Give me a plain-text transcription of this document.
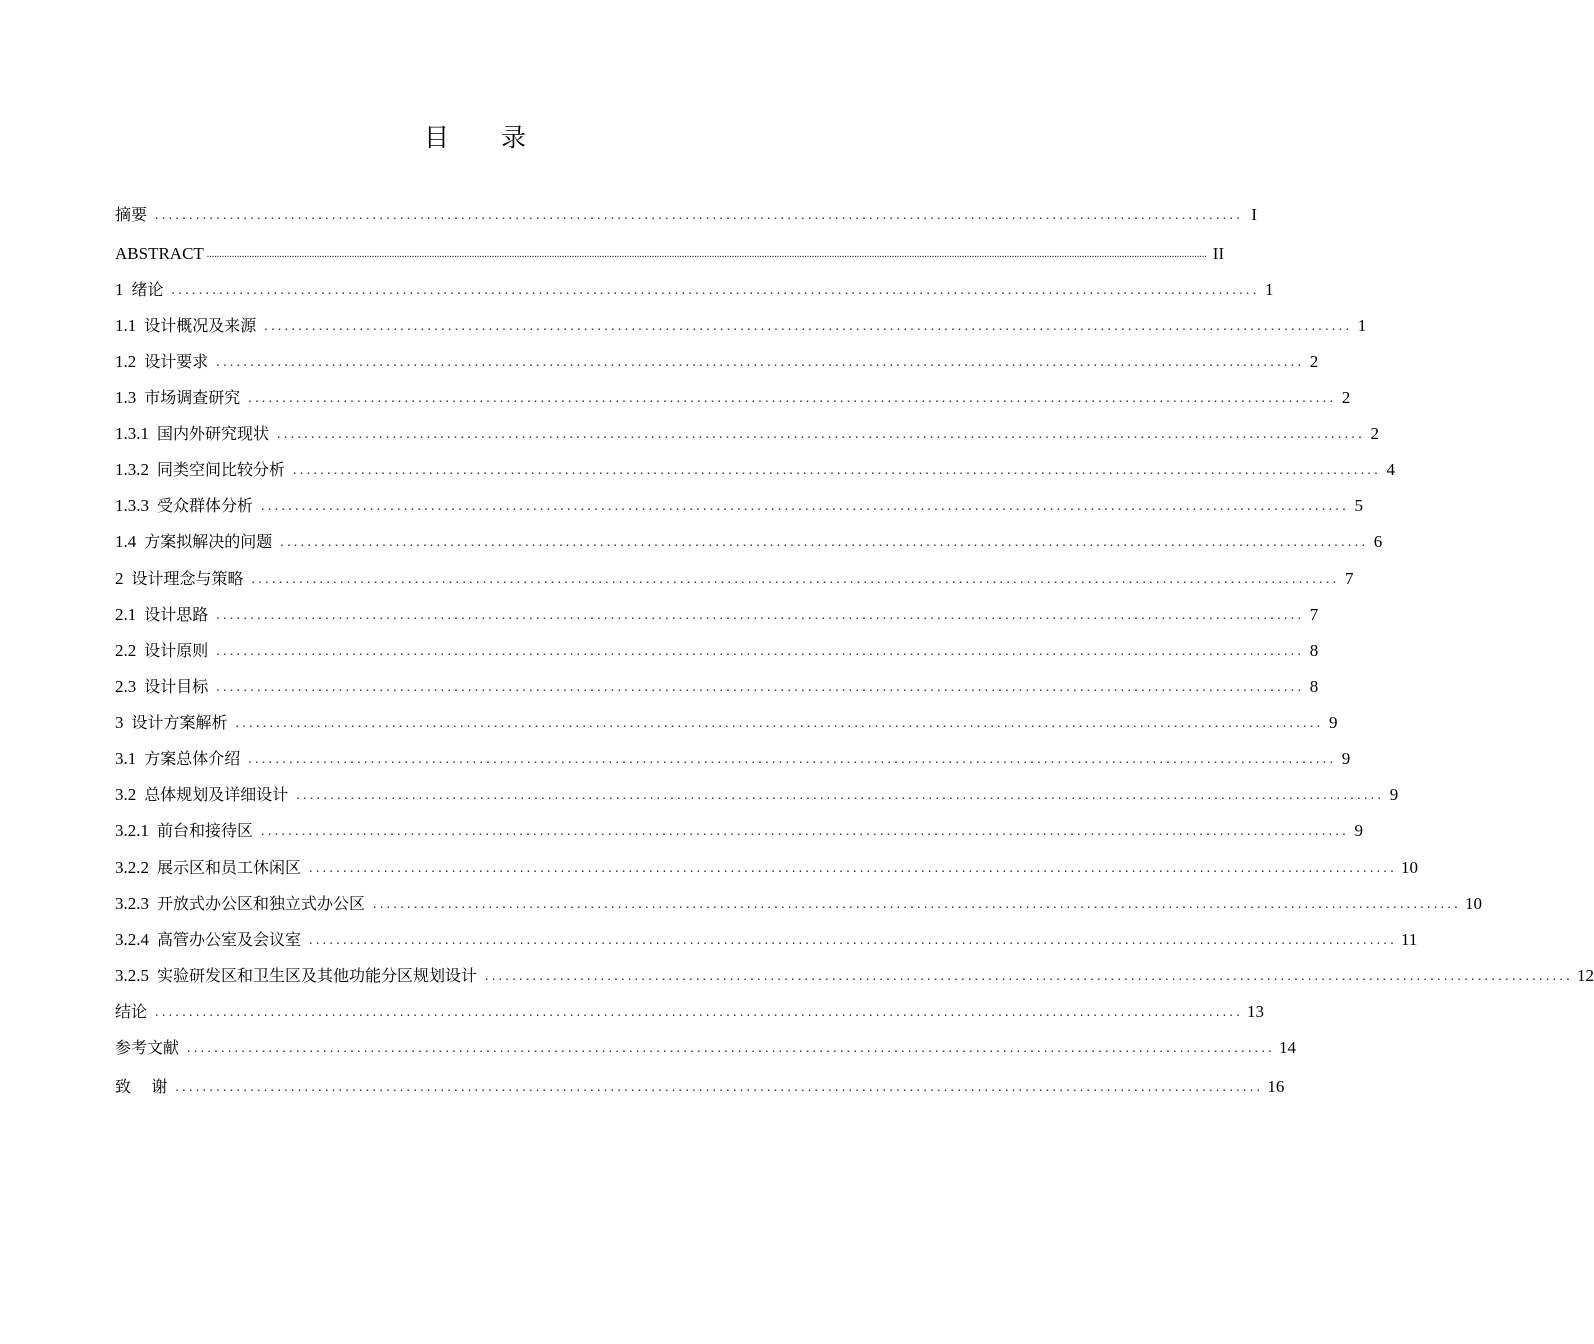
目 录
摘要 ................................................................................................................................................................ I
ABSTRACT ................................................................................................................................................................................................................................................................................................................................................................................................................ II
1 绪论 ................................................................................................................................................................ 1
1.1 设计概况及来源 ................................................................................................................................................................ 1
1.2 设计要求 ................................................................................................................................................................ 2
1.3 市场调查研究 ................................................................................................................................................................ 2
1.3.1 国内外研究现状 ................................................................................................................................................................ 2
1.3.2 同类空间比较分析 ................................................................................................................................................................ 4
1.3.3 受众群体分析 ................................................................................................................................................................ 5
1.4 方案拟解决的问题 ................................................................................................................................................................ 6
2 设计理念与策略 ................................................................................................................................................................ 7
2.1 设计思路 ................................................................................................................................................................ 7
2.2 设计原则 ................................................................................................................................................................ 8
2.3 设计目标 ................................................................................................................................................................ 8
3 设计方案解析 ................................................................................................................................................................ 9
3.1 方案总体介绍 ................................................................................................................................................................ 9
3.2 总体规划及详细设计 ................................................................................................................................................................ 9
3.2.1 前台和接待区 ................................................................................................................................................................ 9
3.2.2 展示区和员工休闲区 ................................................................................................................................................................ 10
3.2.3 开放式办公区和独立式办公区 ................................................................................................................................................................ 10
3.2.4 高管办公室及会议室 ................................................................................................................................................................ 11
3.2.5 实验研发区和卫生区及其他功能分区规划设计 ................................................................................................................................................................ 12
结论 ................................................................................................................................................................ 13
参考文献 ................................................................................................................................................................ 14
致    谢 ................................................................................................................................................................ 16
